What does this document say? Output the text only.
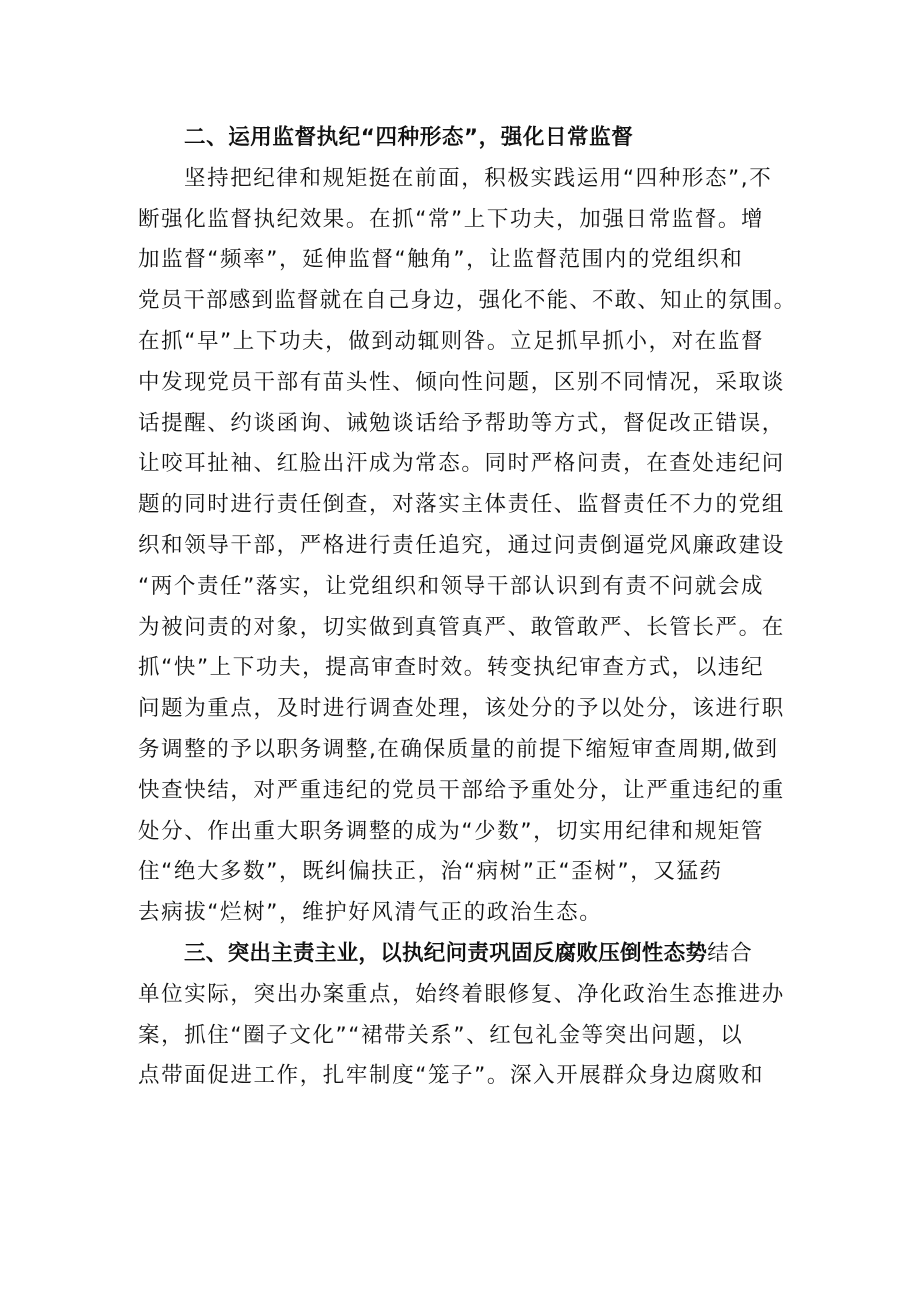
二、运用监督执纪“四种形态”，强化日常监督
坚持把纪律和规矩挺在前面，积极实践运用“四种形态”,不
断强化监督执纪效果。在抓“常”上下功夫，加强日常监督。增
加监督“频率”，延伸监督“触角”，让监督范围内的党组织和
党员干部感到监督就在自己身边，强化不能、不敢、知止的氛围。
在抓“早”上下功夫，做到动辄则咎。立足抓早抓小，对在监督
中发现党员干部有苗头性、倾向性问题，区别不同情况，采取谈
话提醒、约谈函询、诫勉谈话给予帮助等方式，督促改正错误，
让咬耳扯袖、红脸出汗成为常态。同时严格问责，在查处违纪问
题的同时进行责任倒查，对落实主体责任、监督责任不力的党组
织和领导干部，严格进行责任追究，通过问责倒逼党风廉政建设
“两个责任”落实，让党组织和领导干部认识到有责不问就会成
为被问责的对象，切实做到真管真严、敢管敢严、长管长严。在
抓“快”上下功夫，提高审查时效。转变执纪审查方式，以违纪
问题为重点，及时进行调查处理，该处分的予以处分，该进行职
务调整的予以职务调整,在确保质量的前提下缩短审查周期,做到
快查快结，对严重违纪的党员干部给予重处分，让严重违纪的重
处分、作出重大职务调整的成为“少数”，切实用纪律和规矩管
住“绝大多数”，既纠偏扶正，治“病树”正“歪树”，又猛药
去病拔“烂树”，维护好风清气正的政治生态。
三、突出主责主业，以执纪问责巩固反腐败压倒性态势结合
单位实际，突出办案重点，始终着眼修复、净化政治生态推进办
案，抓住“圈子文化”“裙带关系”、红包礼金等突出问题，以
点带面促进工作，扎牢制度“笼子”。深入开展群众身边腐败和
